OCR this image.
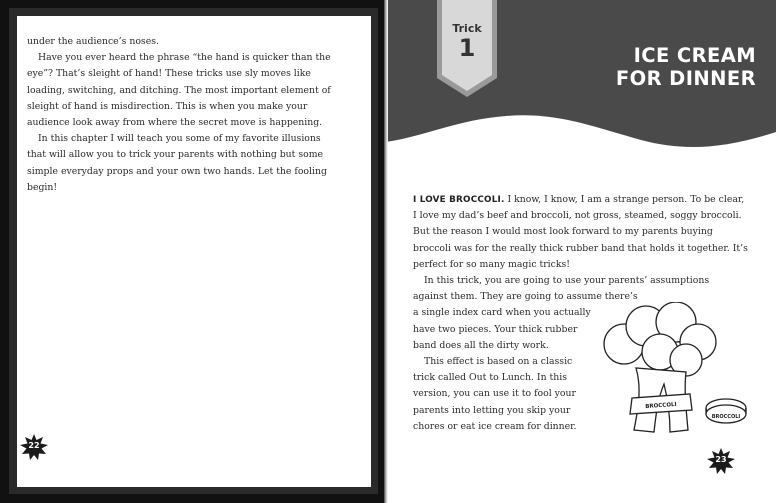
under the audience’s noses.

Have you ever heard the phrase “the hand is quicker than the eye”? That’s sleight of hand! These tricks use sly moves like loading, switching, and ditching. The most important element of sleight of hand is misdirection. This is when you make your audience look away from where the secret move is happening.

In this chapter I will teach you some of my favorite illusions that will allow you to trick your parents with nothing but some simple everyday props and your own two hands. Let the fooling begin!

22
Trick
1	ICE CREAM
FOR DINNER

I LOVE BROCCOLI. I know, I know, I am a strange person. To be clear, I love my dad’s beef and broccoli, not gross, steamed, soggy broccoli. But the reason I would most look forward to my parents buying broccoli was for the really thick rubber band that holds it together. It’s perfect for so many magic tricks!

In this trick, you are going to use your parents’ assumptions
against them. They are going to assume there’s
a single index card when you actually
have two pieces. Your thick rubber
band does all the dirty work.
This effect is based on a classic
trick called Out to Lunch. In this
version, you can use it to fool your
parents into letting you skip your
chores or eat ice cream for dinner.
BROCCOLI
BROCCOLI
23
